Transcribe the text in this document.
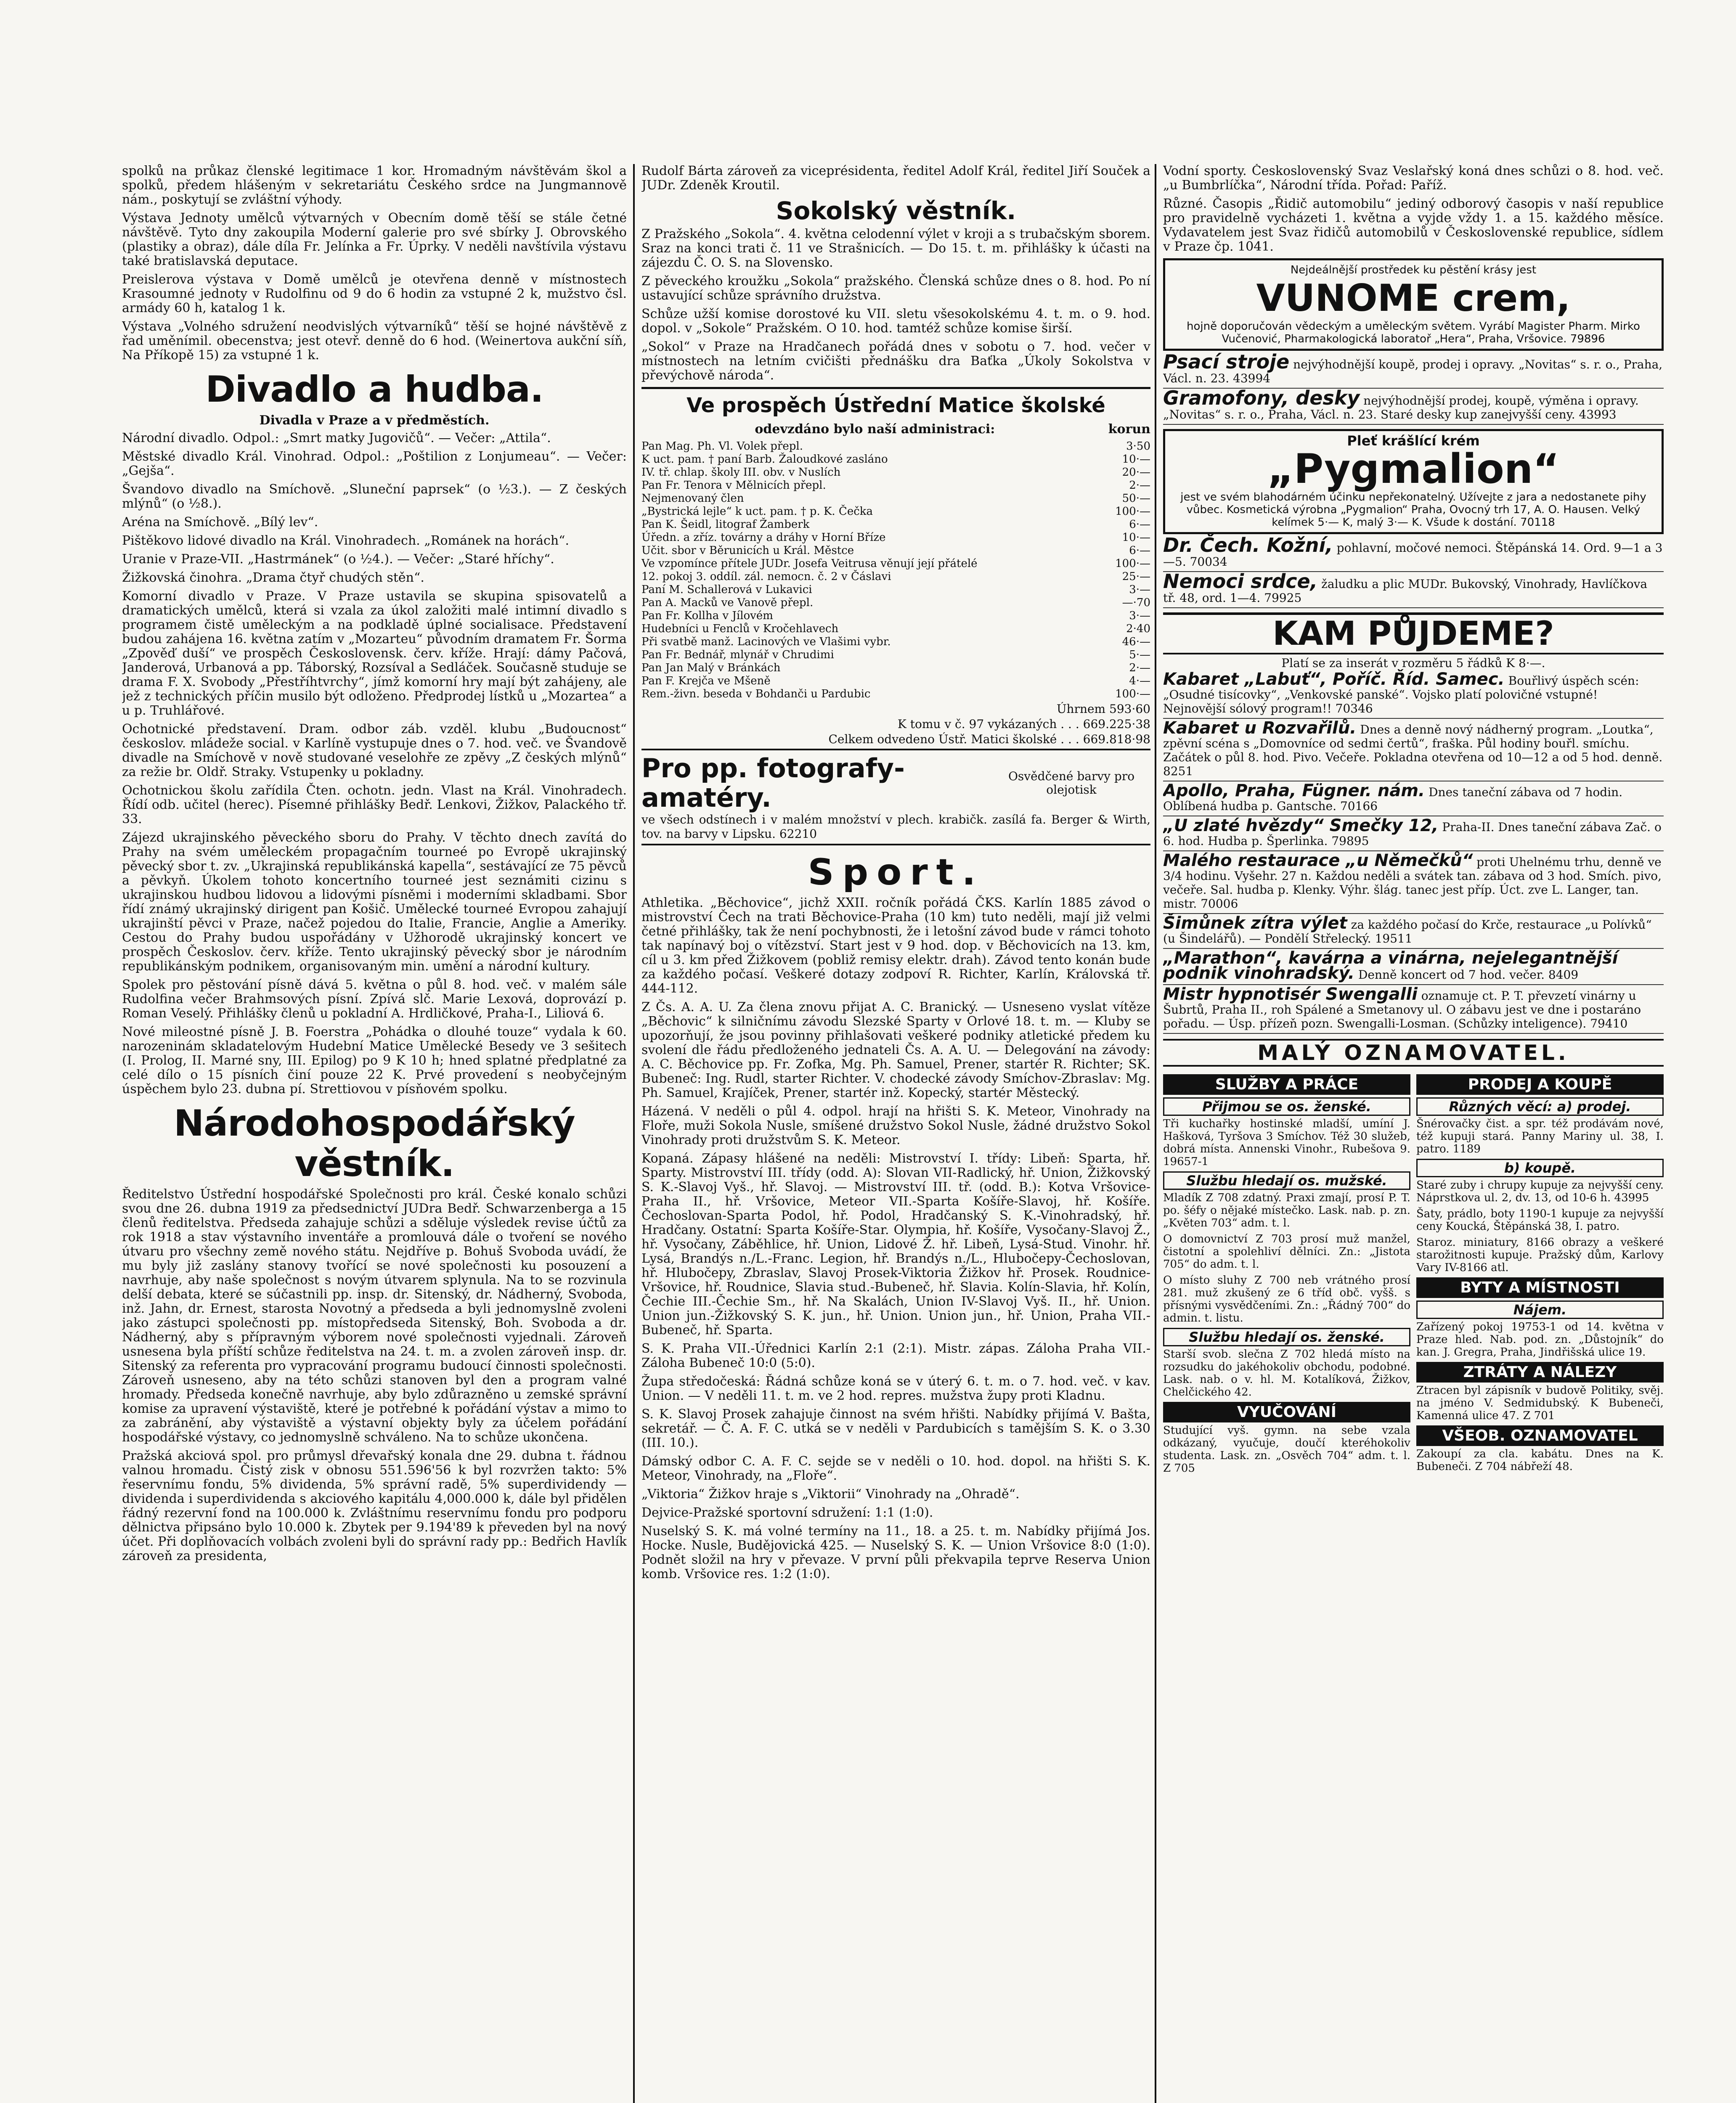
spolků na průkaz členské legitimace 1 kor. Hromadným návštěvám škol a spolků, předem hlášeným v sekretariátu Českého srdce na Jungmannově nám., poskytují se zvláštní výhody.

Výstava Jednoty umělců výtvarných v Obecním domě těší se stále četné návštěvě. Tyto dny zakoupila Moderní galerie pro své sbírky J. Obrovského (plastiky a obraz), dále díla Fr. Jelínka a Fr. Úprky. V neděli navštívila výstavu také bratislavská deputace.

Preislerova výstava v Domě umělců je otevřena denně v místnostech Krasoumné jednoty v Rudolfinu od 9 do 6 hodin za vstupné 2 k, mužstvo čsl. armády 60 h, katalog 1 k.

Výstava „Volného sdružení neodvislých výtvarníků“ těší se hojné návštěvě z řad uměnímil. obecenstva; jest otevř. denně do 6 hod. (Weinertova aukční síň, Na Příkopě 15) za vstupné 1 k.

Divadlo a hudba.
Divadla v Praze a v předměstích.

Národní divadlo. Odpol.: „Smrt matky Jugovičů“. — Večer: „Attila“.

Městské divadlo Král. Vinohrad. Odpol.: „Poštilion z Lonjumeau“. — Večer: „Gejša“.

Švandovo divadlo na Smíchově. „Sluneční paprsek“ (o ½3.). — Z českých mlýnů“ (o ½8.).

Aréna na Smíchově. „Bílý lev“.

Pištěkovo lidové divadlo na Král. Vinohradech. „Románek na horách“.

Uranie v Praze-VII. „Hastrmánek“ (o ½4.). — Večer: „Staré hříchy“.

Žižkovská činohra. „Drama čtyř chudých stěn“.

Komorní divadlo v Praze. V Praze ustavila se skupina spisovatelů a dramatických umělců, která si vzala za úkol založiti malé intimní divadlo s programem čistě uměleckým a na podkladě úplné socialisace. Představení budou zahájena 16. května zatím v „Mozarteu“ původním dramatem Fr. Šorma „Zpověď duší“ ve prospěch Československ. červ. kříže. Hrají: dámy Pačová, Janderová, Urbanová a pp. Táborský, Rozsíval a Sedláček. Současně studuje se drama F. X. Svobody „Přestříhtvrchy“, jímž komorní hry mají být zahájeny, ale jež z technických příčin musilo být odloženo. Předprodej lístků u „Mozartea“ a u p. Truhlářové.

Ochotnické představení. Dram. odbor záb. vzděl. klubu „Budoucnost“ českoslov. mládeže social. v Karlíně vystupuje dnes o 7. hod. več. ve Švandově divadle na Smíchově v nově studované veselohře ze zpěvy „Z českých mlýnů“ za režie br. Oldř. Straky. Vstupenky u pokladny.

Ochotnickou školu zařídila Čten. ochotn. jedn. Vlast na Král. Vinohradech. Řídí odb. učitel (herec). Písemné přihlášky Bedř. Lenkovi, Žižkov, Palackého tř. 33.

Zájezd ukrajinského pěveckého sboru do Prahy. V těchto dnech zavítá do Prahy na svém uměleckém propagačním tourneé po Evropě ukrajinský pěvecký sbor t. zv. „Ukrajinská republikánská kapella“, sestávající ze 75 pěvců a pěvkyň. Úkolem tohoto koncertního tourneé jest seznámiti cizinu s ukrajinskou hudbou lidovou a lidovými písněmi i moderními skladbami. Sbor řídí známý ukrajinský dirigent pan Košič. Umělecké tourneé Evropou zahajují ukrajinští pěvci v Praze, načež pojedou do Italie, Francie, Anglie a Ameriky. Cestou do Prahy budou uspořádány v Užhorodě ukrajinský koncert ve prospěch Českoslov. červ. kříže. Tento ukrajinský pěvecký sbor je národním republikánským podnikem, organisovaným min. umění a národní kultury.

Spolek pro pěstování písně dává 5. května o půl 8. hod. več. v malém sále Rudolfina večer Brahmsových písní. Zpívá slč. Marie Lexová, doprovází p. Roman Veselý. Přihlášky členů u pokladní A. Hrdličkové, Praha-I., Liliová 6.

Nové mileostné písně J. B. Foerstra „Pohádka o dlouhé touze“ vydala k 60. narozeninám skladatelovým Hudební Matice Umělecké Besedy ve 3 sešitech (I. Prolog, II. Marné sny, III. Epilog) po 9 K 10 h; hned splatné předplatné za celé dílo o 15 písních činí pouze 22 K. Prvé provedení s neobyčejným úspěchem bylo 23. dubna pí. Strettiovou v písňovém spolku.

Národohospodářský věstník.

Ředitelstvo Ústřední hospodářské Společnosti pro král. České konalo schůzi svou dne 26. dubna 1919 za předsednictví JUDra Bedř. Schwarzenberga a 15 členů ředitelstva. Předseda zahajuje schůzi a sděluje výsledek revise účtů za rok 1918 a stav výstavního inventáře a promlouvá dále o tvoření se nového útvaru pro všechny země nového státu. Nejdříve p. Bohuš Svoboda uvádí, že mu byly již zaslány stanovy tvořící se nové společnosti ku posouzení a navrhuje, aby naše společnost s novým útvarem splynula. Na to se rozvinula delší debata, které se súčastnili pp. insp. dr. Sitenský, dr. Nádherný, Svoboda, inž. Jahn, dr. Ernest, starosta Novotný a předseda a byli jednomyslně zvoleni jako zástupci společnosti pp. místopředseda Sitenský, Boh. Svoboda a dr. Nádherný, aby s přípravným výborem nové společnosti vyjednali. Zároveň usnesena byla příští schůze ředitelstva na 24. t. m. a zvolen zároveň insp. dr. Sitenský za referenta pro vypracování programu budoucí činnosti společnosti. Zároveň usneseno, aby na této schůzi stanoven byl den a program valné hromady. Předseda konečně navrhuje, aby bylo zdůrazněno u zemské správní komise za upravení výstaviště, které je potřebné k pořádání výstav a mimo to za zabránění, aby výstaviště a výstavní objekty byly za účelem pořádání hospodářské výstavy, co jednomyslně schváleno. Na to schůze ukončena.

Pražská akciová spol. pro průmysl dřevařský konala dne 29. dubna t. řádnou valnou hromadu. Čistý zisk v obnosu 551.596'56 k byl rozvržen takto: 5% řeservnímu fondu, 5% dividenda, 5% správní radě, 5% superdividendy — dividenda i superdividenda s akciového kapitálu 4,000.000 k, dále byl přidělen řádný rezervní fond na 100.000 k. Zvláštnímu reservnímu fondu pro podporu dělnictva připsáno bylo 10.000 k. Zbytek per 9.194'89 k převeden byl na nový účet. Při doplňovacích volbách zvoleni byli do správní rady pp.: Bedřich Havlík zároveň za presidenta,

Rudolf Bárta zároveň za viceprésidenta, ředitel Adolf Král, ředitel Jiří Souček a JUDr. Zdeněk Kroutil.

Sokolský věstník.

Z Pražského „Sokola“. 4. května celodenní výlet v kroji a s trubačským sborem. Sraz na konci trati č. 11 ve Strašnicích. — Do 15. t. m. přihlášky k účasti na zájezdu Č. O. S. na Slovensko.

Z pěveckého kroužku „Sokola“ pražského. Členská schůze dnes o 8. hod. Po ní ustavující schůze správního družstva.

Schůze užší komise dorostové ku VII. sletu všesokolskému 4. t. m. o 9. hod. dopol. v „Sokole“ Pražském. O 10. hod. tamtéž schůze komise širší.

„Sokol“ v Praze na Hradčanech pořádá dnes v sobotu o 7. hod. večer v místnostech na letním cvičišti přednášku dra Baťka „Úkoly Sokolstva v převýchově národa“.

Ve prospěch Ústřední Matice školské
odevzdáno bylo naší administraci:	korun
Pan Mag. Ph. Vl. Volek přepl.	3·50
K uct. pam. † paní Barb. Žaloudkové zasláno	10·—
IV. tř. chlap. školy III. obv. v Nuslích	20·—
Pan Fr. Tenora v Mělnicích přepl.	2·—
Nejmenovaný člen	50·—
„Bystrická lejle“ k uct. pam. † p. K. Čečka	100·—
Pan K. Šeidl, litograf Žamberk	6·—
Úředn. a zříz. továrny a dráhy v Horní Bříze	10·—
Učit. sbor v Běrunicích u Král. Městce	6·—
Ve vzpomínce přítele JUDr. Josefa Veitrusa věnují její přátelé	100·—
12. pokoj 3. oddíl. zál. nemocn. č. 2 v Čáslavi	25·—
Paní M. Schallerová v Lukavici	3·—
Pan A. Macků ve Vanově přepl.	—·70
Pan Fr. Kollha v Jílovém	3·—
Hudebníci u Fenclů v Kročehlavech	2·40
Při svatbě manž. Lacinových ve Vlašimi vybr.	46·—
Pan Fr. Bednář, mlynář v Chrudimi	5·—
Pan Jan Malý v Bránkách	2·—
Pan F. Krejča ve Mšeně	4·—
Rem.-živn. beseda v Bohdanči u Pardubic	100·—
Úhrnem 593·60
K tomu v č. 97 vykázaných . . . 669.225·38
Celkem odvedeno Ústř. Matici školské . . . 669.818·98
Pro pp. fotografy-amatéry.
Osvědčené barvy pro olejotisk

ve všech odstínech i v malém množství v plech. krabičk. zasílá fa. Berger & Wirth, tov. na barvy v Lipsku. 62210

Sport.

Athletika. „Běchovice“, jichž XXII. ročník pořádá ČKS. Karlín 1885 závod o mistrovství Čech na trati Běchovice-Praha (10 km) tuto neděli, mají již velmi četné přihlášky, tak že není pochybnosti, že i letošní závod bude v rámci tohoto tak napínavý boj o vítězství. Start jest v 9 hod. dop. v Běchovicích na 13. km, cíl u 3. km před Žižkovem (pobliž remisy elektr. drah). Závod tento konán bude za každého počasí. Veškeré dotazy zodpoví R. Richter, Karlín, Královská tř. 444-112.

Z Čs. A. A. U. Za člena znovu přijat A. C. Branický. — Usneseno vyslat vítěze „Běchovic“ k silničnímu závodu Slezské Sparty v Orlové 18. t. m. — Kluby se upozorňují, že jsou povinny přihlašovati veškeré podniky atletické předem ku svolení dle řádu předloženého jednateli Čs. A. A. U. — Delegování na závody: A. C. Běchovice pp. Fr. Zofka, Mg. Ph. Samuel, Prener, startér R. Richter; SK. Bubeneč: Ing. Rudl, starter Richter. V. chodecké závody Smíchov-Zbraslav: Mg. Ph. Samuel, Krajíček, Prener, startér inž. Kopecký, startér Městecký.

Házená. V neděli o půl 4. odpol. hrají na hřišti S. K. Meteor, Vinohrady na Floře, muži Sokola Nusle, smíšené družstvo Sokol Nusle, žádné družstvo Sokol Vinohrady proti družstvům S. K. Meteor.

Kopaná. Zápasy hlášené na neděli: Mistrovství I. třídy: Libeň: Sparta, hř. Sparty. Mistrovství III. třídy (odd. A): Slovan VII-Radlický, hř. Union, Žižkovský S. K.-Slavoj Vyš., hř. Slavoj. — Mistrovství III. tř. (odd. B.): Kotva Vršovice-Praha II., hř. Vršovice, Meteor VII.-Sparta Košíře-Slavoj, hř. Košíře. Čechoslovan-Sparta Podol, hř. Podol, Hradčanský S. K.-Vinohradský, hř. Hradčany. Ostatní: Sparta Košíře-Star. Olympia, hř. Košíře, Vysočany-Slavoj Ž., hř. Vysočany, Záběhlice, hř. Union, Lidové Ž. hř. Libeň, Lysá-Stud. Vinohr. hř. Lysá, Brandýs n./L.-Franc. Legion, hř. Brandýs n./L., Hlubočepy-Čechoslovan, hř. Hlubočepy, Zbraslav, Slavoj Prosek-Viktoria Žižkov hř. Prosek. Roudnice-Vršovice, hř. Roudnice, Slavia stud.-Bubeneč, hř. Slavia. Kolín-Slavia, hř. Kolín, Čechie III.-Čechie Sm., hř. Na Skalách, Union IV-Slavoj Vyš. II., hř. Union. Union jun.-Žižkovský S. K. jun., hř. Union. Union jun., hř. Union, Praha VII.-Bubeneč, hř. Sparta.

S. K. Praha VII.-Úřednici Karlín 2:1 (2:1). Mistr. zápas. Záloha Praha VII.-Záloha Bubeneč 10:0 (5:0).

Župa středočeská: Řádná schůze koná se v úterý 6. t. m. o 7. hod. več. v kav. Union. — V neděli 11. t. m. ve 2 hod. repres. mužstva župy proti Kladnu.

S. K. Slavoj Prosek zahajuje činnost na svém hřišti. Nabídky přijímá V. Bašta, sekretář. — Č. A. F. C. utká se v neděli v Pardubicích s tamějším S. K. o 3.30 (III. 10.).

Dámský odbor C. A. F. C. sejde se v neděli o 10. hod. dopol. na hřišti S. K. Meteor, Vinohrady, na „Floře“.

„Viktoria“ Žižkov hraje s „Viktorii“ Vinohrady na „Ohradě“.

Dejvice-Pražské sportovní sdružení: 1:1 (1:0).

Nuselský S. K. má volné termíny na 11., 18. a 25. t. m. Nabídky přijímá Jos. Hocke. Nusle, Budějovická 425. — Nuselský S. K. — Union Vršovice 8:0 (1:0). Podnět složil na hry v převaze. V první půli překvapila teprve Reserva Union komb. Vršovice res. 1:2 (1:0).

Vodní sporty. Československý Svaz Veslařský koná dnes schůzi o 8. hod. več. „u Bumbrlíčka“, Národní třída. Pořad: Paříž.

Různé. Časopis „Řidič automobilu“ jediný odborový časopis v naší republice pro pravidelně vycházeti 1. května a vyjde vždy 1. a 15. každého měsíce. Vydavatelem jest Svaz řidičů automobilů v Československé republice, sídlem v Praze čp. 1041.

Nejdeálnější prostředek ku pěstění krásy jest
VUNOME crem,
hojně doporučován vědeckým a uměleckým světem. Vyrábí Magister Pharm. Mirko Vučenović, Pharmakologická laboratoř „Hera“, Praha, Vršovice. 79896
Psací stroje nejvýhodnější koupě, prodej i opravy. „Novitas“ s. r. o., Praha, Václ. n. 23. 43994
Gramofony, desky nejvýhodnější prodej, koupě, výměna i opravy. „Novitas“ s. r. o., Praha, Václ. n. 23. Staré desky kup zanejvyšší ceny. 43993
Pleť krášlící krém
„Pygmalion“
jest ve svém blahodárném účinku nepřekonatelný. Užívejte z jara a nedostanete pihy vůbec. Kosmetická výrobna „Pygmalion“ Praha, Ovocný trh 17, A. O. Hausen. Velký kelímek 5·— K, malý 3·— K. Všude k dostání. 70118
Dr. Čech. Kožní, pohlavní, močové nemoci. Štěpánská 14. Ord. 9—1 a 3—5. 70034
Nemoci srdce, žaludku a plic MUDr. Bukovský, Vinohrady, Havlíčkova tř. 48, ord. 1—4. 79925
KAM PŮJDEME?
Platí se za inserát v rozměru 5 řádků K 8·—.
Kabaret „Labuť“, Poříč. Říd. Samec. Bouřlivý úspěch scén: „Osudné tisícovky“, „Venkovské panské“. Vojsko platí polovičné vstupné! Nejnovější sólový program!! 70346
Kabaret u Rozvařilů. Dnes a denně nový nádherný program. „Loutka“, zpěvní scéna s „Domovníce od sedmi čertů“, fraška. Půl hodiny bouřl. smíchu. Začátek o půl 8. hod. Pivo. Večeře. Pokladna otevřena od 10—12 a od 5 hod. denně. 8251
Apollo, Praha, Fügner. nám. Dnes taneční zábava od 7 hodin. Oblíbená hudba p. Gantsche. 70166
„U zlaté hvězdy“ Smečky 12, Praha-II. Dnes taneční zábava Zač. o 6. hod. Hudba p. Šperlinka. 79895
Malého restaurace „u Němečků“ proti Uhelnému trhu, denně ve 3/4 hodinu. Vyšehr. 27 n. Každou neděli a svátek tan. zábava od 3 hod. Smích. pivo, večeře. Sal. hudba p. Klenky. Výhr. šlág. tanec jest příp. Úct. zve L. Langer, tan. mistr. 70006
Šimůnek zítra výlet za každého počasí do Krče, restaurace „u Polívků“ (u Šindelářů). — Pondělí Střelecký. 19511
„Marathon“, kavárna a vinárna, nejelegantnější podnik vinohradský. Denně koncert od 7 hod. večer. 8409
Mistr hypnotisér Swengalli oznamuje ct. P. T. převzetí vinárny u Šubrtů, Praha II., roh Spálené a Smetanovy ul. O zábavu jest ve dne i postaráno pořadu. — Úsp. přízeň pozn. Swengalli-Losman. (Schůzky inteligence). 79410
MALÝ OZNAMOVATEL.
SLUŽBY A PRÁCE
Přijmou se os. ženské.

Tři kuchařky hostinské mladší, umíní J. Hašková, Tyršova 3 Smíchov. Též 30 služeb, dobrá místa. Annenski Vinohr., Rubešova 9. 19657-1

Službu hledají os. mužské.

Mladík Z 708 zdatný. Praxi zmají, prosí P. T. po. šéfy o nějaké místečko. Lask. nab. p. zn. „Květen 703“ adm. t. l.

O domovnictví Z 703 prosí muž manžel, čistotní a spolehliví dělníci. Zn.: „Jistota 705“ do adm. t. l.

O místo sluhy Z 700 neb vrátného prosí 281. muž zkušený ze 6 tříd obč. vyšš. s přísnými vysvědčeními. Zn.: „Řádný 700“ do admin. t. listu.

Službu hledají os. ženské.

Starší svob. slečna Z 702 hledá místo na rozsudku do jakéhokoliv obchodu, podobné. Lask. nab. o v. hl. M. Kotalíková, Žižkov, Chelčického 42.

VYUČOVÁNÍ

Studující vyš. gymn. na sebe vzala odkázaný, vyučuje, doučí kteréhokoliv studenta. Lask. zn. „Osvěch 704“ adm. t. l. Z 705

PRODEJ A KOUPĚ
Různých věcí: a) prodej.

Šnérovačky čist. a spr. též prodávám nové, též kupuji stará. Panny Mariny ul. 38, I. patro. 1189

b) koupě.

Staré zuby i chrupy kupuje za nejvyšší ceny. Náprstkova ul. 2, dv. 13, od 10-6 h. 43995

Šaty, prádlo, boty 1190-1 kupuje za nejvyšší ceny Koucká, Štěpánská 38, I. patro.

Staroz. miniatury, 8166 obrazy a veškeré starožitnosti kupuje. Pražský dům, Karlovy Vary IV-8166 atl.

BYTY A MÍSTNOSTI
Nájem.

Zařízený pokoj 19753-1 od 14. května v Praze hled. Nab. pod. zn. „Důstojník“ do kan. J. Gregra, Praha, Jindřišská ulice 19.

ZTRÁTY A NÁLEZY

Ztracen byl zápisník v budově Politiky, svěj. na jméno V. Sedmidubský. K Bubeneči, Kamenná ulice 47. Z 701

VŠEOB. OZNAMOVATEL

Zakoupí za cla. kabátu. Dnes na K. Bubeneči. Z 704 nábřeží 48.
